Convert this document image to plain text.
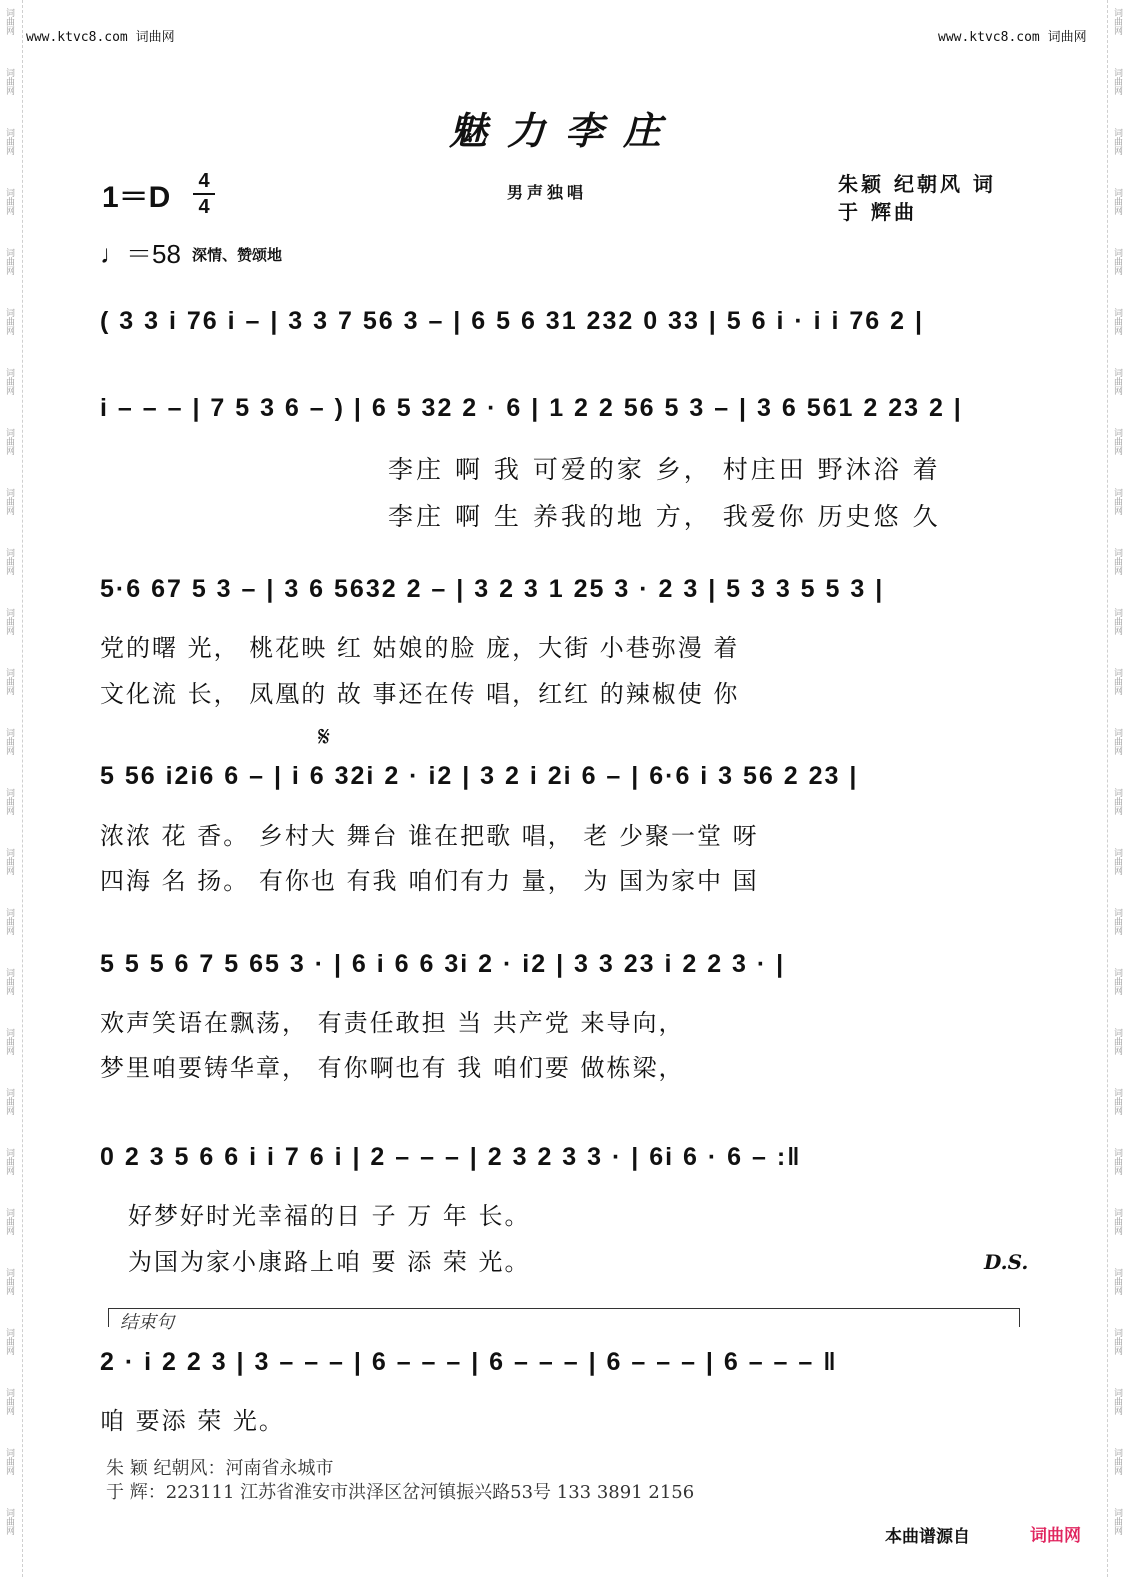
词曲网
词曲网
词曲网
词曲网
词曲网
词曲网
词曲网
词曲网
词曲网
词曲网
词曲网
词曲网
词曲网
词曲网
词曲网
词曲网
词曲网
词曲网
词曲网
词曲网
词曲网
词曲网
词曲网
词曲网
词曲网
词曲网
词曲网
词曲网
词曲网
词曲网
词曲网
词曲网
词曲网
词曲网
词曲网
词曲网
词曲网
词曲网
词曲网
词曲网
词曲网
词曲网
词曲网
词曲网
词曲网
词曲网
词曲网
词曲网
词曲网
词曲网
词曲网
词曲网
www.ktvc8.com 词曲网	www.ktvc8.com 词曲网
魅力李庄
1＝D 4
4
男声独唱	朱颖 纪朝风 词
于 辉曲
♩＝58 深情、赞颂地
( 3 3 i 76 i – | 3 3 7 56 3 – | 6 5 6 31 232 0 33 | 5 6 i · i i 76 2 |
i – – – | 7 5 3 6 – ) | 6 5 32 2 · 6 | 1 2 2 56 5 3 – | 3 6 561 2 23 2 |
李庄 啊 我 可爱的家 乡， 村庄田 野沐浴 着
李庄 啊 生 养我的地 方， 我爱你 历史悠 久
5·6 67 5 3 – | 3 6 5632 2 – | 3 2 3 1 25 3 · 2 3 | 5 3 3 5 5 3 |
党的曙 光， 桃花映 红 姑娘的脸 庞，大街 小巷弥漫 着
文化流 长， 凤凰的 故 事还在传 唱，红红 的辣椒使 你
𝄋
5 56 i2i6 6 – | i 6 32i 2 · i2 | 3 2 i 2i 6 – | 6·6 i 3 56 2 23 |
浓浓 花 香。 乡村大 舞台 谁在把歌 唱， 老 少聚一堂 呀
四海 名 扬。 有你也 有我 咱们有力 量， 为 国为家中 国
5 5 5 6 7 5 65 3 · | 6 i 6 6 3i 2 · i2 | 3 3 23 i 2 2 3 · |
欢声笑语在飘荡， 有责任敢担 当 共产党 来导向，
梦里咱要铸华章， 有你啊也有 我 咱们要 做栋梁，
0 2 3 5 6 6 i i 7 6 i | 2 – – – | 2 3 2 3 3 · | 6i 6 · 6 – :‖
好梦好时光幸福的日 子 万 年 长。
为国为家小康路上咱 要 添 荣 光。	D.S.
结束句
2 · i 2 2 3 | 3 – – – | 6 – – – | 6 – – – | 6 – – – | 6 – – – ‖
咱 要添 荣 光。
朱 颖 纪朝风：河南省永城市
于 辉：223111 江苏省淮安市洪泽区岔河镇振兴路53号 133 3891 2156
本曲谱源自	词曲网
